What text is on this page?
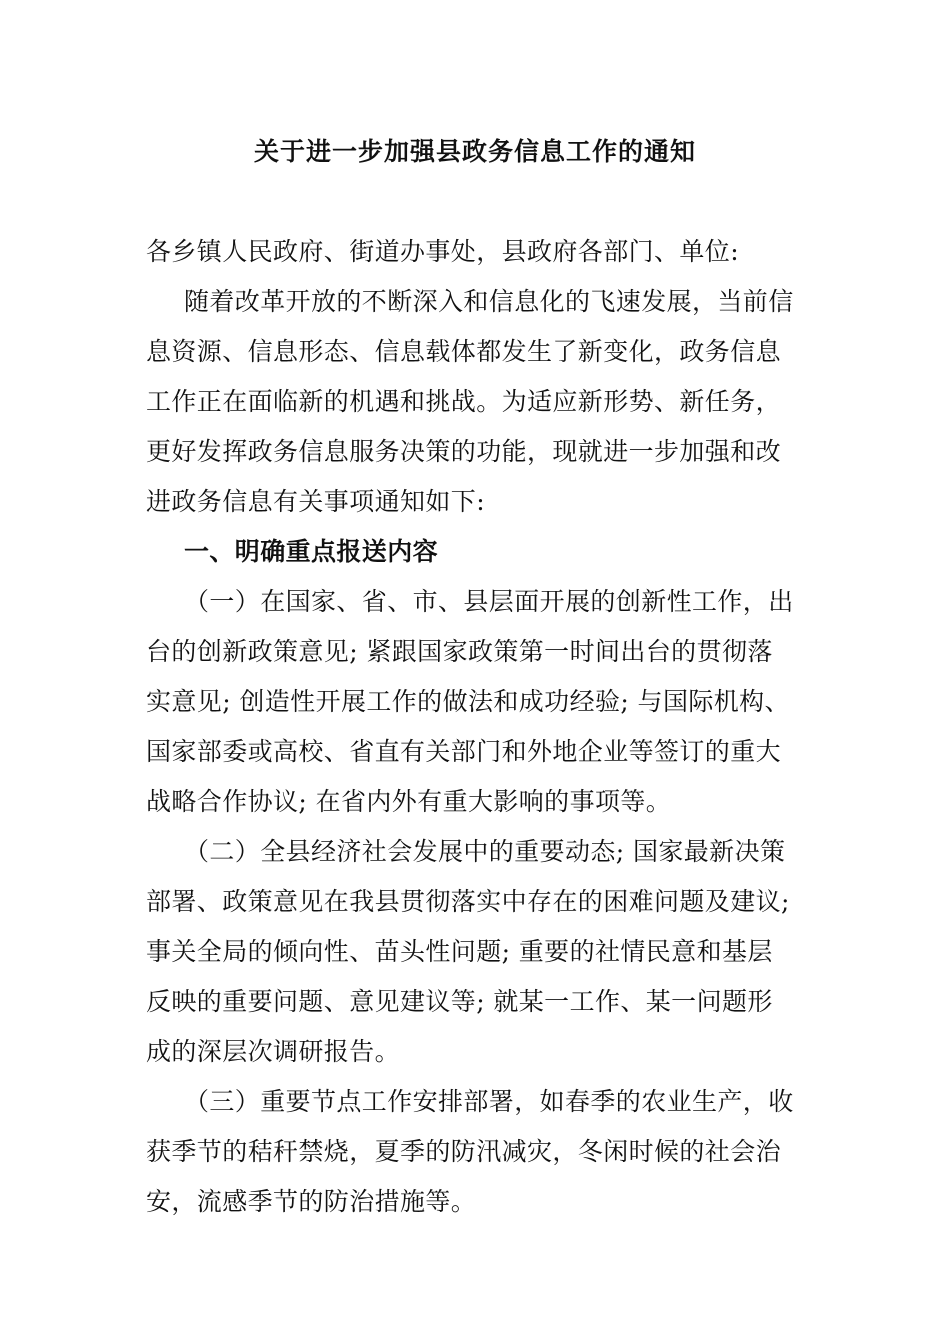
关于进一步加强县政务信息工作的通知
各乡镇人民政府、街道办事处，县政府各部门、单位:
随着改革开放的不断深入和信息化的飞速发展，当前信
息资源、信息形态、信息载体都发生了新变化，政务信息
工作正在面临新的机遇和挑战。为适应新形势、新任务，
更好发挥政务信息服务决策的功能，现就进一步加强和改
进政务信息有关事项通知如下:
一、明确重点报送内容
（一）在国家、省、市、县层面开展的创新性工作，出
台的创新政策意见; 紧跟国家政策第一时间出台的贯彻落
实意见; 创造性开展工作的做法和成功经验; 与国际机构、
国家部委或高校、省直有关部门和外地企业等签订的重大
战略合作协议; 在省内外有重大影响的事项等。
（二）全县经济社会发展中的重要动态; 国家最新决策
部署、政策意见在我县贯彻落实中存在的困难问题及建议;
事关全局的倾向性、苗头性问题; 重要的社情民意和基层
反映的重要问题、意见建议等; 就某一工作、某一问题形
成的深层次调研报告。
（三）重要节点工作安排部署，如春季的农业生产，收
获季节的秸秆禁烧，夏季的防汛减灾，冬闲时候的社会治
安，流感季节的防治措施等。
